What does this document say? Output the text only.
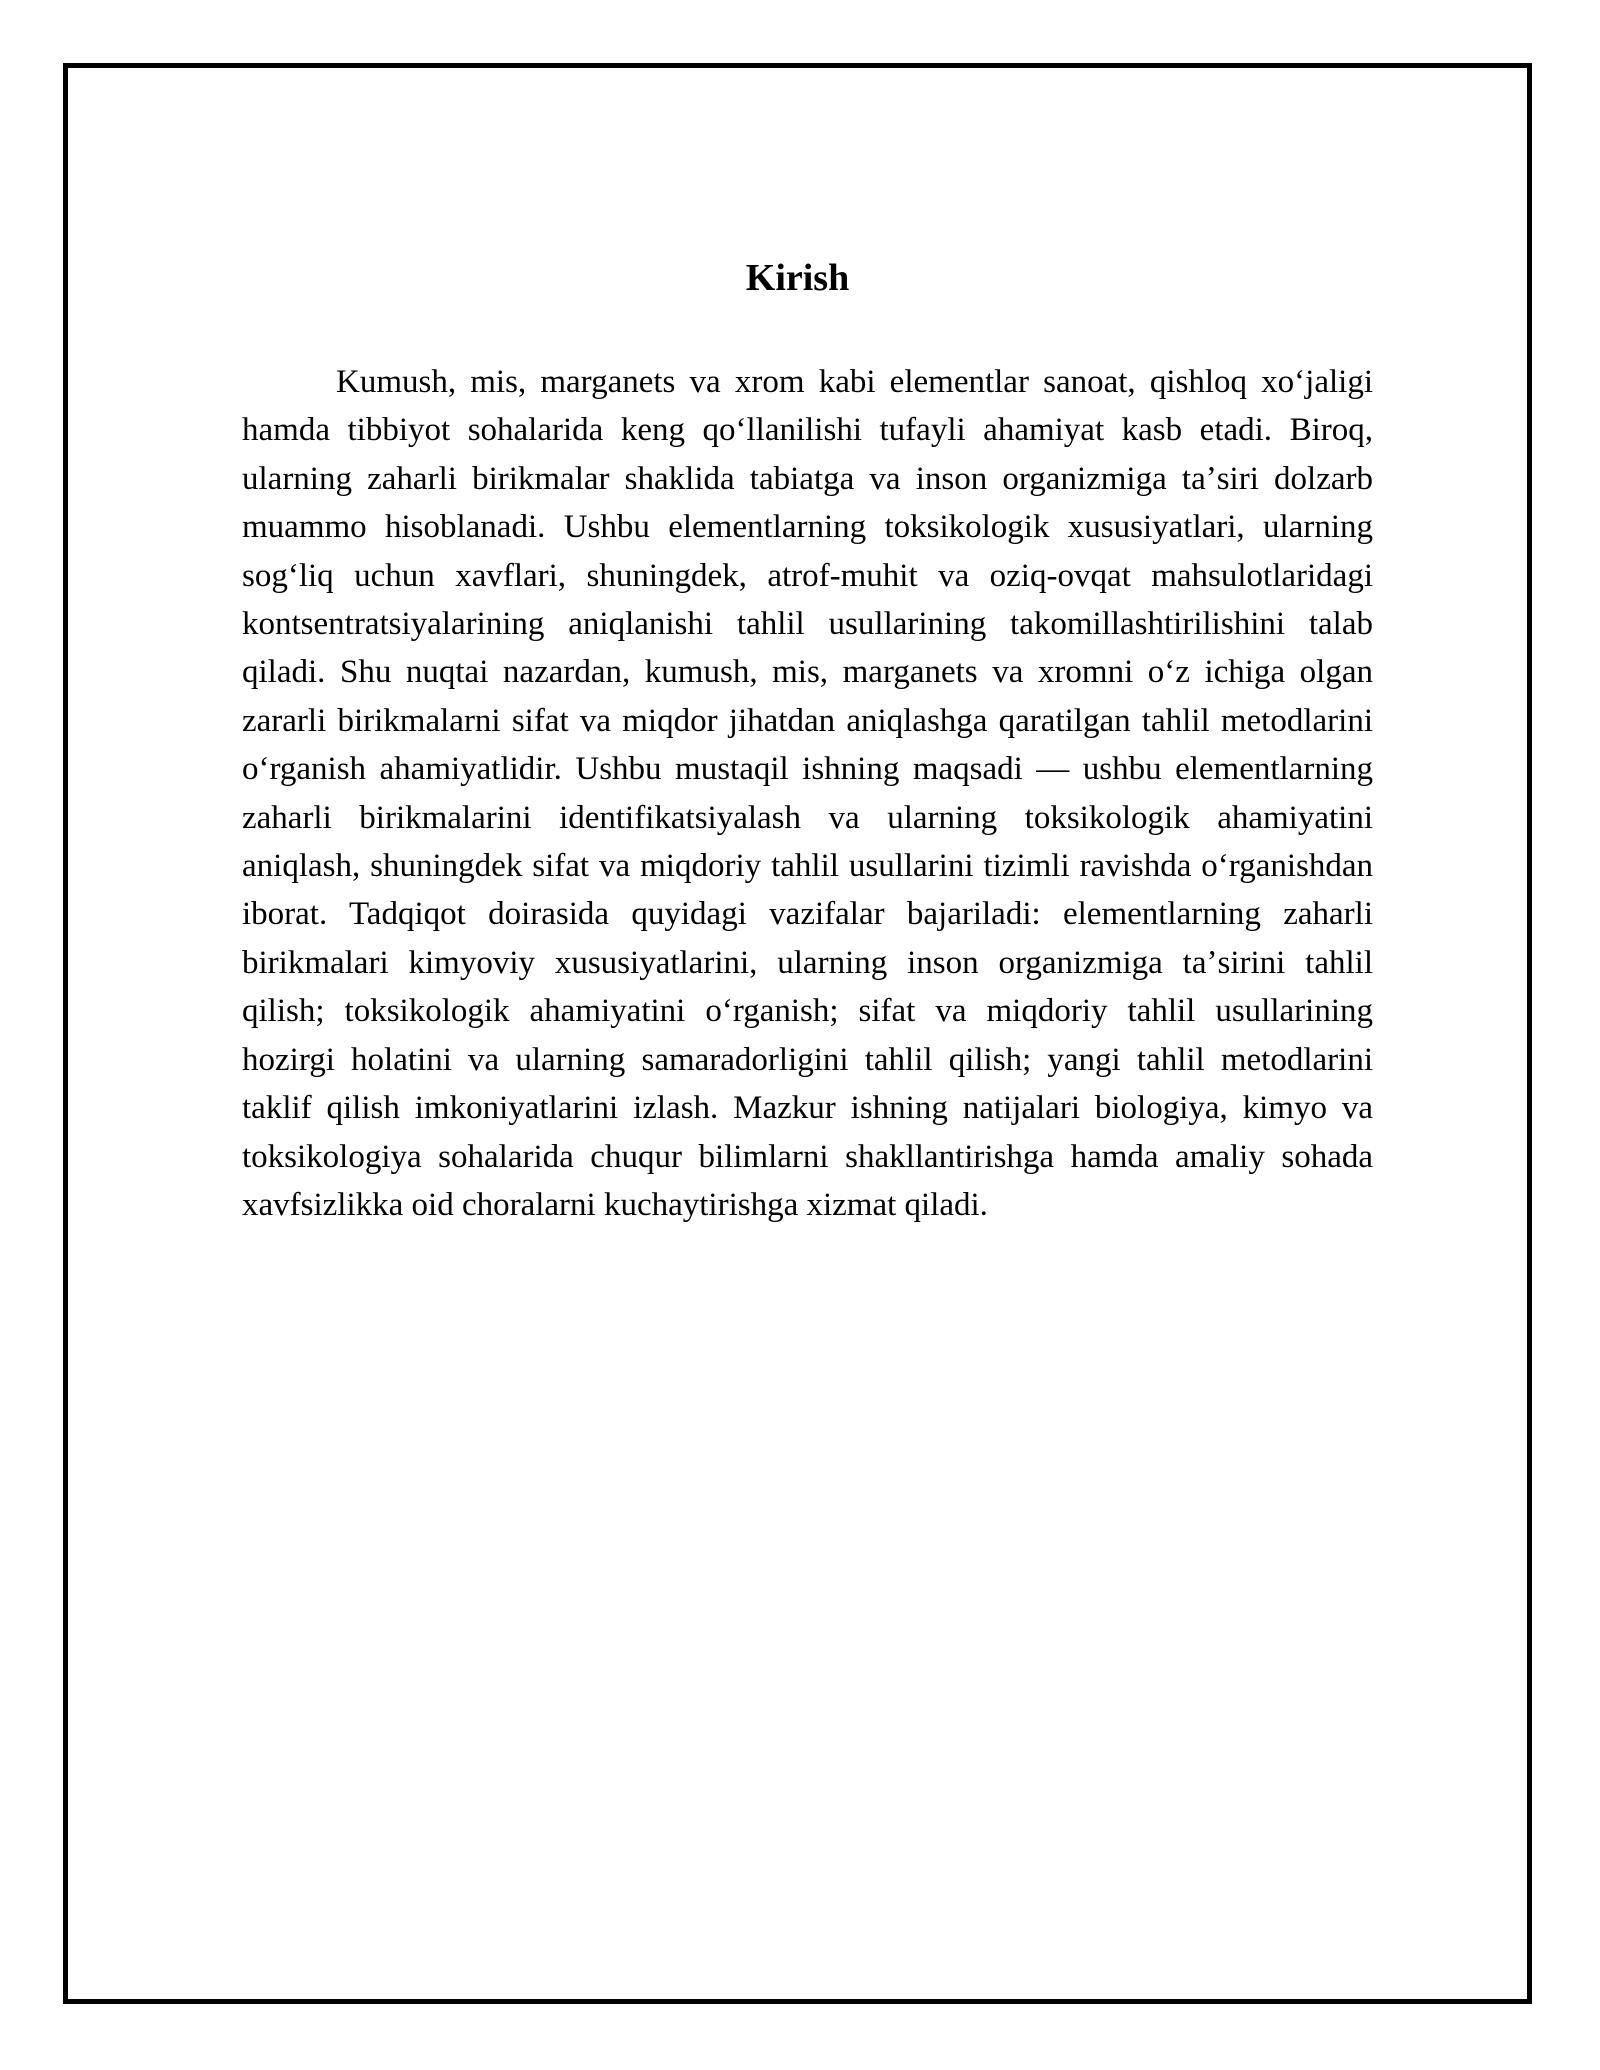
Kirish

Kumush, mis, marganets va xrom kabi elementlar sanoat, qishloq xoʻjaligi hamda tibbiyot sohalarida keng qoʻllanilishi tufayli ahamiyat kasb etadi. Biroq, ularning zaharli birikmalar shaklida tabiatga va inson organizmiga taʼsiri dolzarb muammo hisoblanadi. Ushbu elementlarning toksikologik xususiyatlari, ularning sogʻliq uchun xavflari, shuningdek, atrof-muhit va oziq-ovqat mahsulotlaridagi kontsentratsiyalarining aniqlanishi tahlil usullarining takomillashtirilishini talab qiladi. Shu nuqtai nazardan, kumush, mis, marganets va xromni oʻz ichiga olgan zararli birikmalarni sifat va miqdor jihatdan aniqlashga qaratilgan tahlil metodlarini oʻrganish ahamiyatlidir. Ushbu mustaqil ishning maqsadi — ushbu elementlarning zaharli birikmalarini identifikatsiyalash va ularning toksikologik ahamiyatini aniqlash, shuningdek sifat va miqdoriy tahlil usullarini tizimli ravishda oʻrganishdan iborat. Tadqiqot doirasida quyidagi vazifalar bajariladi: elementlarning zaharli birikmalari kimyoviy xususiyatlarini, ularning inson organizmiga taʼsirini tahlil qilish; toksikologik ahamiyatini oʻrganish; sifat va miqdoriy tahlil usullarining hozirgi holatini va ularning samaradorligini tahlil qilish; yangi tahlil metodlarini taklif qilish imkoniyatlarini izlash. Mazkur ishning natijalari biologiya, kimyo va toksikologiya sohalarida chuqur bilimlarni shakllantirishga hamda amaliy sohada xavfsizlikka oid choralarni kuchaytirishga xizmat qiladi.
